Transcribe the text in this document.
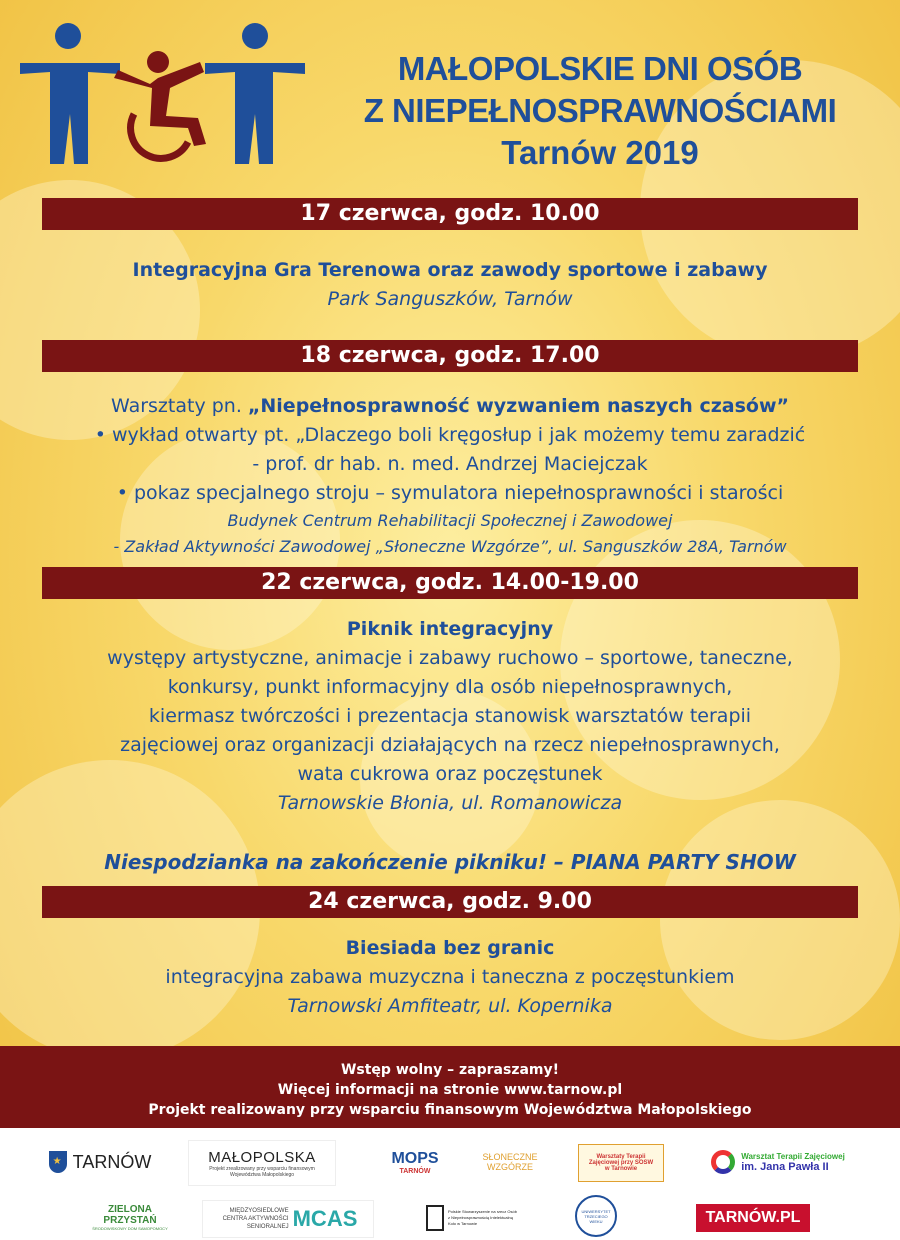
MAŁOPOLSKIE DNI OSÓB
Z NIEPEŁNOSPRAWNOŚCIAMI
Tarnów 2019
17 czerwca, godz. 10.00
Integracyjna Gra Terenowa oraz zawody sportowe i zabawy
Park Sanguszków, Tarnów
18 czerwca, godz. 17.00
Warsztaty pn. „Niepełnosprawność wyzwaniem naszych czasów”
• wykład otwarty pt. „Dlaczego boli kręgosłup i jak możemy temu zaradzić
- prof. dr hab. n. med. Andrzej Maciejczak
• pokaz specjalnego stroju – symulatora niepełnosprawności i starości
Budynek Centrum Rehabilitacji Społecznej i Zawodowej
- Zakład Aktywności Zawodowej „Słoneczne Wzgórze”, ul. Sanguszków 28A, Tarnów
22 czerwca, godz. 14.00-19.00
Piknik integracyjny
występy artystyczne, animacje i zabawy ruchowo – sportowe, taneczne,
konkursy, punkt informacyjny dla osób niepełnosprawnych,
kiermasz twórczości i prezentacja stanowisk warsztatów terapii
zajęciowej oraz organizacji działających na rzecz niepełnosprawnych,
wata cukrowa oraz poczęstunek
Tarnowskie Błonia, ul. Romanowicza
Niespodzianka na zakończenie pikniku! – PIANA PARTY SHOW
24 czerwca, godz. 9.00
Biesiada bez granic
integracyjna zabawa muzyczna i taneczna z poczęstunkiem
Tarnowski Amfiteatr, ul. Kopernika
Wstęp wolny – zapraszamy!
Więcej informacji na stronie www.tarnow.pl
Projekt realizowany przy wsparciu finansowym Województwa Małopolskiego
★ TARNÓW	MAŁOPOLSKA
Projekt zrealizowany przy wsparciu finansowym Województwa Małopolskiego
MOPS
TARNÓW
SŁONECZNE WZGÓRZE
Warsztaty Terapii Zajęciowej przy SOSW w Tarnowie
Warsztat Terapii Zajęciowej
im. Jana Pawła II
ZIELONA PRZYSTAŃ
ŚRODOWISKOWY DOM SAMOPOMOCY
MIĘDZYOSIEDLOWE CENTRA AKTYWNOŚCI SENIORALNEJ MCAS	Polskie Stowarzyszenie na rzecz Osób z Niepełnosprawnością Intelektualną Koło w Tarnowie
UNIWERSYTET TRZECIEGO WIEKU	TARNÓW.PL
